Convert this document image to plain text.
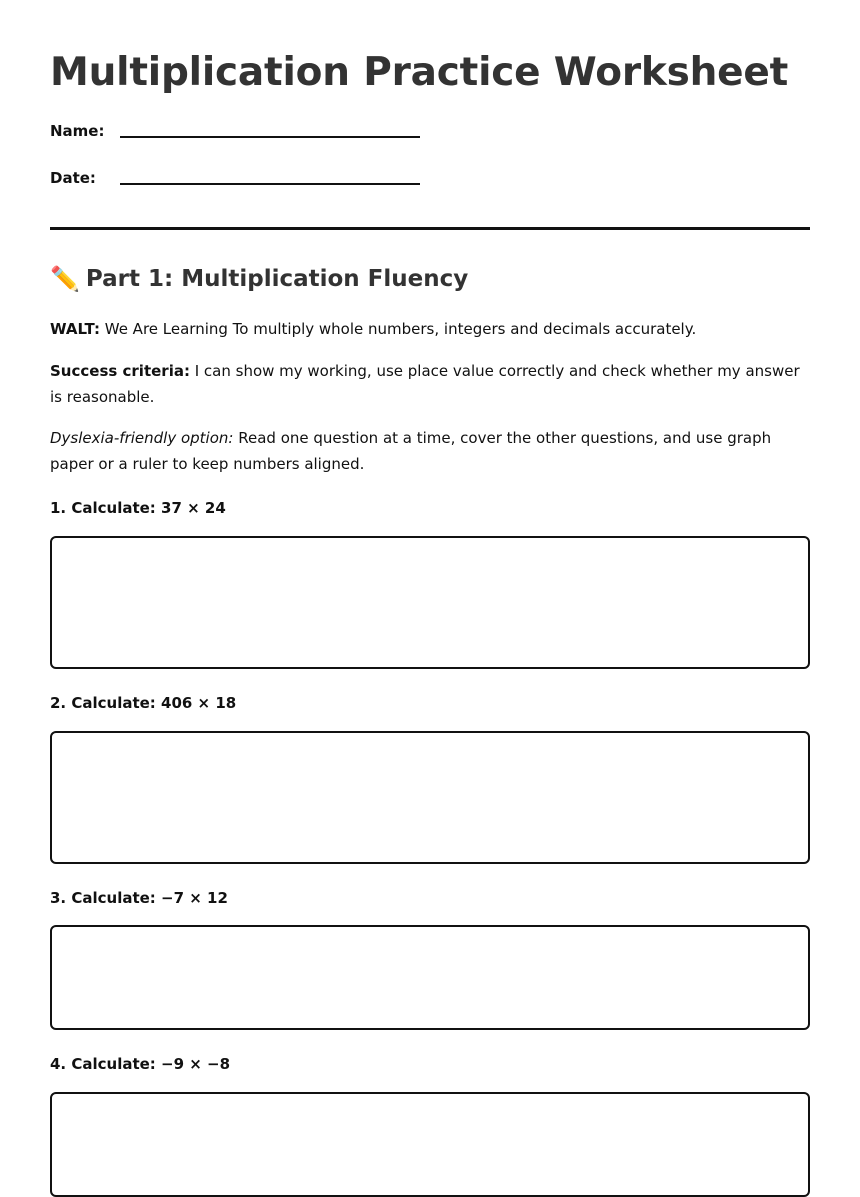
Multiplication Practice Worksheet
Name:
Date:
✏️ Part 1: Multiplication Fluency

WALT: We Are Learning To multiply whole numbers, integers and decimals accurately.

Success criteria: I can show my working, use place value correctly and check whether my answer is reasonable.

Dyslexia-friendly option: Read one question at a time, cover the other questions, and use graph paper or a ruler to keep numbers aligned.

1. Calculate: 37 × 24
2. Calculate: 406 × 18
3. Calculate: −7 × 12
4. Calculate: −9 × −8
